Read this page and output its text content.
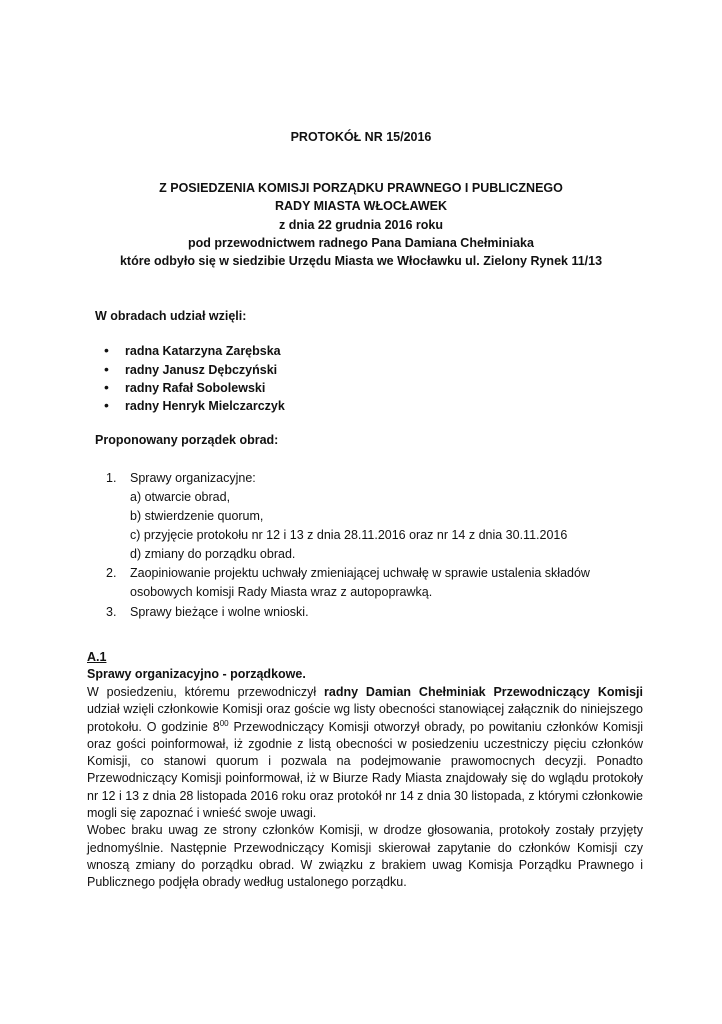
PROTOKÓŁ NR 15/2016
Z POSIEDZENIA KOMISJI PORZĄDKU PRAWNEGO I PUBLICZNEGO
RADY MIASTA WŁOCŁAWEK
z dnia 22 grudnia 2016 roku
pod przewodnictwem radnego Pana Damiana Chełminiaka
które odbyło się w siedzibie Urzędu Miasta we Włocławku ul. Zielony Rynek 11/13
W obradach udział wzięli:
• radna Katarzyna Zarębska
• radny Janusz Dębczyński
• radny Rafał Sobolewski
• radny Henryk Mielczarczyk
Proponowany porządek obrad:
1. Sprawy organizacyjne:
a) otwarcie obrad,
b) stwierdzenie quorum,
c) przyjęcie protokołu nr 12 i 13 z dnia 28.11.2016 oraz nr 14 z dnia 30.11.2016
d) zmiany do porządku obrad.
2. Zaopiniowanie projektu uchwały zmieniającej uchwałę w sprawie ustalenia składów
osobowych komisji Rady Miasta wraz z autopoprawką.
3. Sprawy bieżące i wolne wnioski.
A.1
Sprawy organizacyjno - porządkowe.

W posiedzeniu, któremu przewodniczył radny Damian Chełminiak Przewodniczący Komisji udział wzięli członkowie Komisji oraz goście wg listy obecności stanowiącej załącznik do niniejszego protokołu. O godzinie $8^{00}$ Przewodniczący Komisji otworzył obrady, po powitaniu członków Komisji oraz gości poinformował, iż zgodnie z listą obecności w posiedzeniu uczestniczy pięciu członków Komisji, co stanowi quorum i pozwala na podejmowanie prawomocnych decyzji. Ponadto Przewodniczący Komisji poinformował, iż w Biurze Rady Miasta znajdowały się do wglądu protokoły nr 12 i 13 z dnia 28 listopada 2016 roku oraz protokół nr 14 z dnia 30 listopada, z którymi członkowie mogli się zapoznać i wnieść swoje uwagi.

Wobec braku uwag ze strony członków Komisji, w drodze głosowania, protokoły zostały przyjęty jednomyślnie. Następnie Przewodniczący Komisji skierował zapytanie do członków Komisji czy wnoszą zmiany do porządku obrad. W związku z brakiem uwag Komisja Porządku Prawnego i Publicznego podjęła obrady według ustalonego porządku.
